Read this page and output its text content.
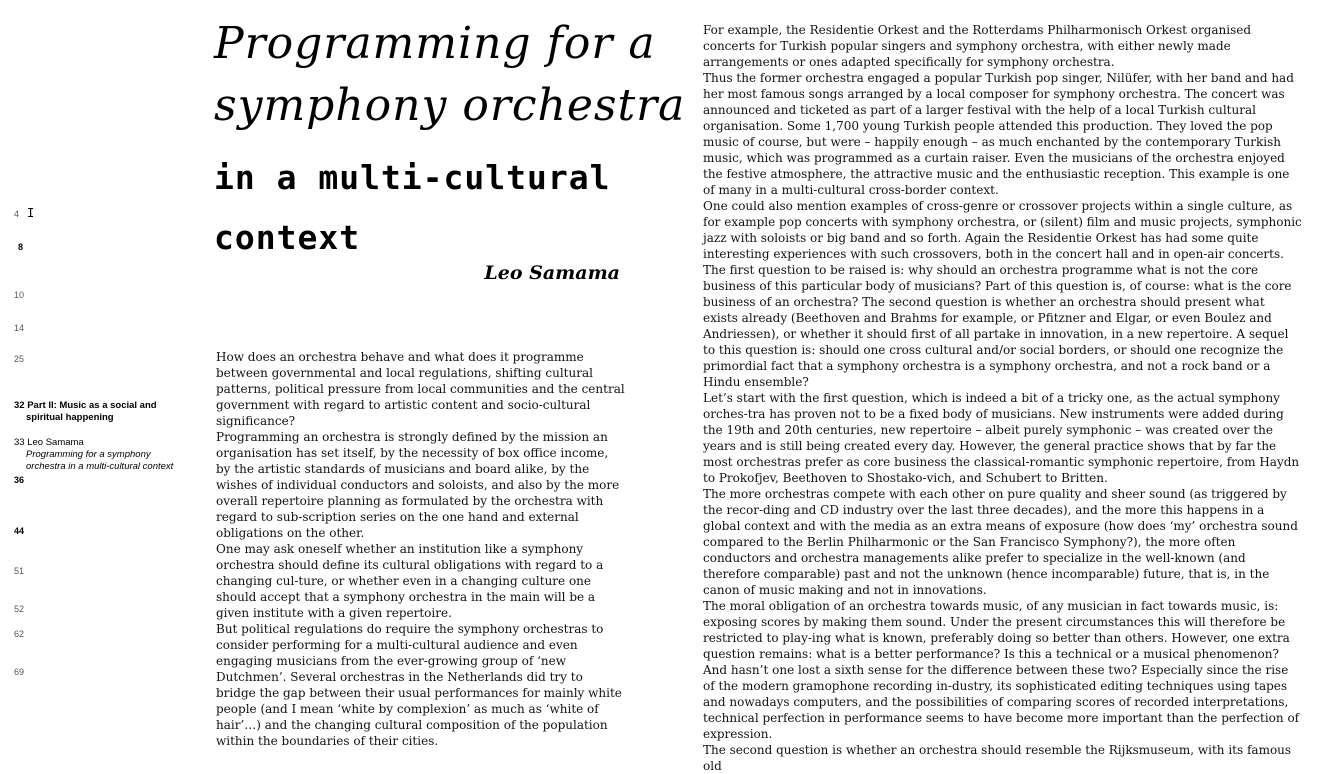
4 I
8
10
14
25
32 Part II: Music as a social and
spiritual happening
33 Leo Samama
Programming for a symphony
orchestra in a multi-cultural context
36
44
51
52
62
69
Programming for a
symphony orchestra
in a multi-cultural
context
Leo Samama

How does an orchestra behave and what does it programme between governmental and local regulations, shifting cultural patterns, political pressure from local communities and the central government with regard to artistic content and socio-cultural significance?

Programming an orchestra is strongly defined by the mission an organisation has set itself, by the necessity of box office income, by the artistic standards of musicians and board alike, by the wishes of individual conductors and soloists, and also by the more overall repertoire planning as formulated by the orchestra with regard to sub-scription series on the one hand and external obligations on the other.

One may ask oneself whether an institution like a symphony orchestra should define its cultural obligations with regard to a changing cul-ture, or whether even in a changing culture one should accept that a symphony orchestra in the main will be a given institute with a given repertoire.

But political regulations do require the symphony orchestras to consider performing for a multi-cultural audience and even engaging musicians from the ever-growing group of ‘new Dutchmen’. Several orchestras in the Netherlands did try to bridge the gap between their usual performances for mainly white people (and I mean ‘white by complexion’ as much as ‘white of hair’…) and the changing cultural composition of the population within the boundaries of their cities.

For example, the Residentie Orkest and the Rotterdams Philharmonisch Orkest organised concerts for Turkish popular singers and symphony orchestra, with either newly made arrangements or ones adapted specifically for symphony orchestra.

Thus the former orchestra engaged a popular Turkish pop singer, Nilüfer, with her band and had her most famous songs arranged by a local composer for symphony orchestra. The concert was announced and ticketed as part of a larger festival with the help of a local Turkish cultural organisation. Some 1,700 young Turkish people attended this production. They loved the pop music of course, but were – happily enough – as much enchanted by the contemporary Turkish music, which was programmed as a curtain raiser. Even the musicians of the orchestra enjoyed the festive atmosphere, the attractive music and the enthusiastic reception. This example is one of many in a multi-cultural cross-border context.

One could also mention examples of cross-genre or crossover projects within a single culture, as for example pop concerts with symphony orchestra, or (silent) film and music projects, symphonic jazz with soloists or big band and so forth. Again the Residentie Orkest has had some quite interesting experiences with such crossovers, both in the concert hall and in open-air concerts. The first question to be raised is: why should an orchestra programme what is not the core business of this particular body of musicians? Part of this question is, of course: what is the core business of an orchestra? The second question is whether an orchestra should present what exists already (Beethoven and Brahms for example, or Pfitzner and Elgar, or even Boulez and Andriessen), or whether it should first of all partake in innovation, in a new repertoire. A sequel to this question is: should one cross cultural and/or social borders, or should one recognize the primordial fact that a symphony orchestra is a symphony orchestra, and not a rock band or a Hindu ensemble?

Let’s start with the first question, which is indeed a bit of a tricky one, as the actual symphony orches-tra has proven not to be a fixed body of musicians. New instruments were added during the 19th and 20th centuries, new repertoire – albeit purely symphonic – was created over the years and is still being created every day. However, the general practice shows that by far the most orchestras prefer as core business the classical-romantic symphonic repertoire, from Haydn to Prokofjev, Beethoven to Shostako-vich, and Schubert to Britten.

The more orchestras compete with each other on pure quality and sheer sound (as triggered by the recor-ding and CD industry over the last three decades), and the more this happens in a global context and with the media as an extra means of exposure (how does ‘my’ orchestra sound compared to the Berlin Philharmonic or the San Francisco Symphony?), the more often conductors and orchestra managements alike prefer to specialize in the well-known (and therefore comparable) past and not the unknown (hence incomparable) future, that is, in the canon of music making and not in innovations.

The moral obligation of an orchestra towards music, of any musician in fact towards music, is: exposing scores by making them sound. Under the present circumstances this will therefore be restricted to play-ing what is known, preferably doing so better than others. However, one extra question remains: what is a better performance? Is this a technical or a musical phenomenon? And hasn’t one lost a sixth sense for the difference between these two? Especially since the rise of the modern gramophone recording in-dustry, its sophisticated editing techniques using tapes and nowadays computers, and the possibilities of comparing scores of recorded interpretations, technical perfection in performance seems to have become more important than the perfection of expression.

The second question is whether an orchestra should resemble the Rijksmuseum, with its famous old
